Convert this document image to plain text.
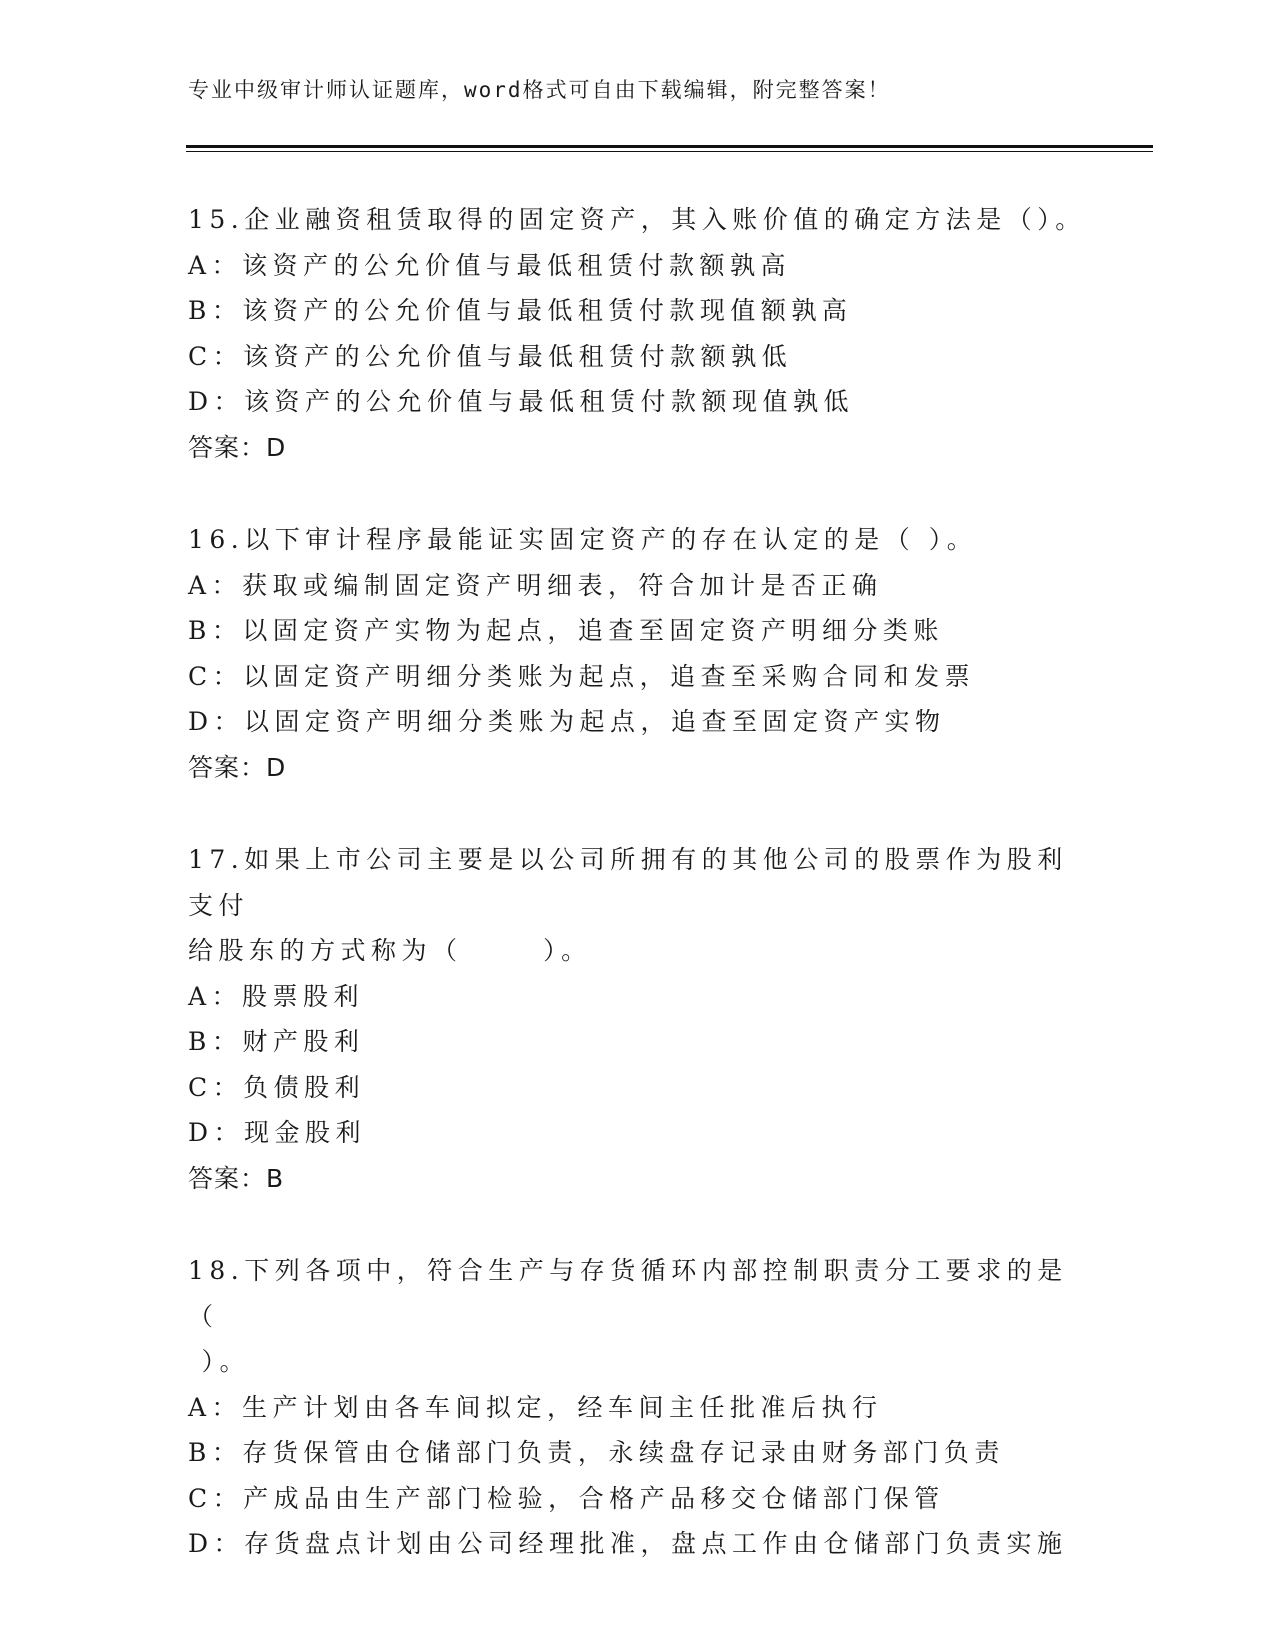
专业中级审计师认证题库，word格式可自由下载编辑，附完整答案！
15.企业融资租赁取得的固定资产，其入账价值的确定方法是（）。
A：该资产的公允价值与最低租赁付款额孰高
B：该资产的公允价值与最低租赁付款现值额孰高
C：该资产的公允价值与最低租赁付款额孰低
D：该资产的公允价值与最低租赁付款额现值孰低
答案：D
16.以下审计程序最能证实固定资产的存在认定的是（ ）。
A：获取或编制固定资产明细表，符合加计是否正确
B：以固定资产实物为起点，追查至固定资产明细分类账
C：以固定资产明细分类账为起点，追查至采购合同和发票
D：以固定资产明细分类账为起点，追查至固定资产实物
答案：D
17.如果上市公司主要是以公司所拥有的其他公司的股票作为股利支付
给股东的方式称为（      ）。
A：股票股利
B：财产股利
C：负债股利
D：现金股利
答案：B
18.下列各项中，符合生产与存货循环内部控制职责分工要求的是（
）。
A：生产计划由各车间拟定，经车间主任批准后执行
B：存货保管由仓储部门负责，永续盘存记录由财务部门负责
C：产成品由生产部门检验，合格产品移交仓储部门保管
D：存货盘点计划由公司经理批准，盘点工作由仓储部门负责实施
